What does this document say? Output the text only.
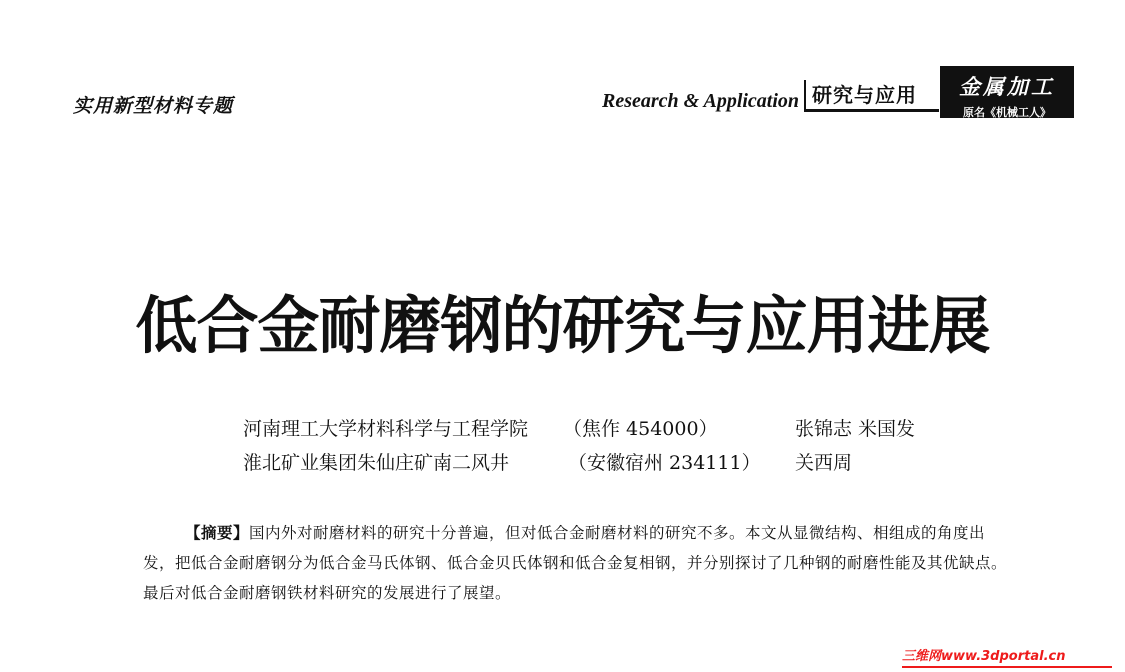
实用新型材料专题	Research & Application 研究与应用	金属加工
原名《机械工人》
低合金耐磨钢的研究与应用进展
河南理工大学材料科学与工程学院 （焦作 454000）	张锦志 米国发
淮北矿业集团朱仙庄矿南二风井	（安徽宿州 234111） 关西周
【摘要】国内外对耐磨材料的研究十分普遍，但对低合金耐磨材料的研究不多。本文从显微结构、相组成的角度出发，把低合金耐磨钢分为低合金马氏体钢、低合金贝氏体钢和低合金复相钢，并分别探讨了几种钢的耐磨性能及其优缺点。最后对低合金耐磨钢铁材料研究的发展进行了展望。
三维网www.3dportal.cn
